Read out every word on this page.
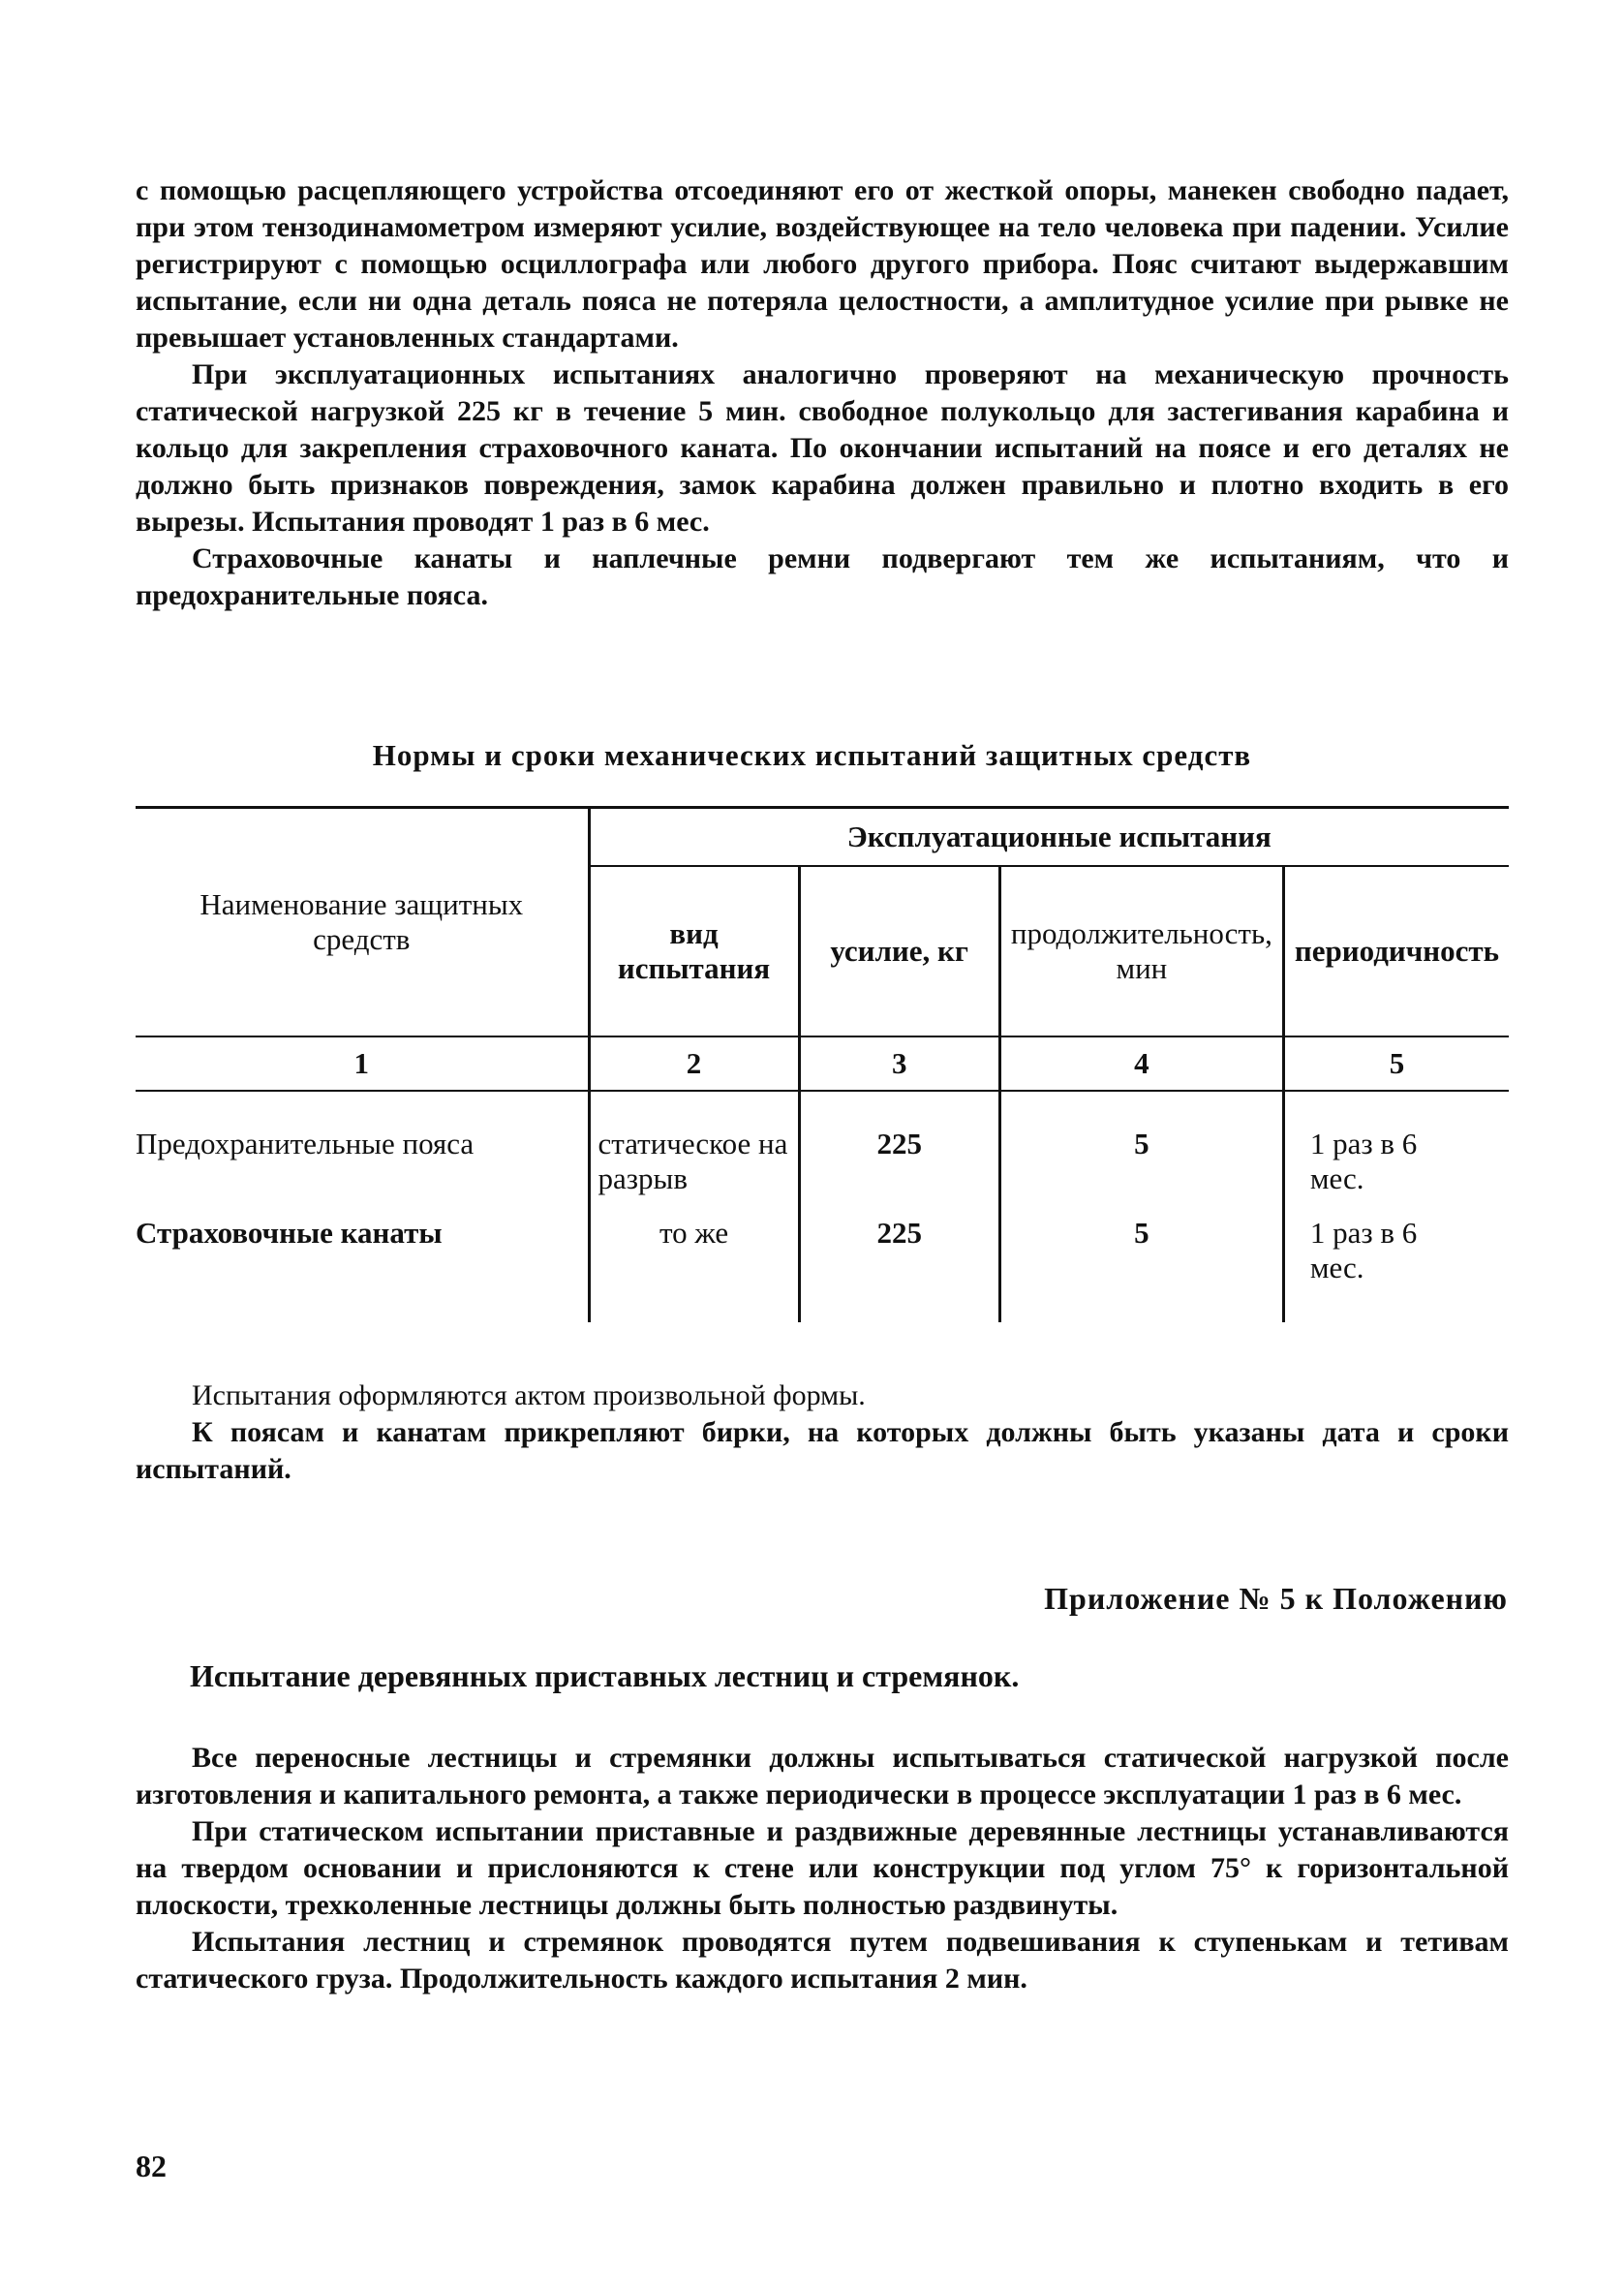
с помощью расцепляющего устройства отсоединяют его от жесткой опоры, манекен свободно падает, при этом тензодинамометром измеряют усилие, воздействующее на тело человека при падении. Усилие регистрируют с помощью осциллографа или любого другого прибора. Пояс считают выдержавшим испытание, если ни одна деталь пояса не потеряла целостности, а амплитудное усилие при рывке не превышает установленных стандартами.

При эксплуатационных испытаниях аналогично проверяют на механическую прочность статической нагрузкой 225 кг в течение 5 мин. свободное полукольцо для застегивания карабина и кольцо для закрепления страховочного каната. По окончании испытаний на поясе и его деталях не должно быть признаков повреждения, замок карабина должен правильно и плотно входить в его вырезы. Испытания проводят 1 раз в 6 мес.

Страховочные канаты и наплечные ремни подвергают тем же испытаниям, что и предохранительные пояса.

Нормы и сроки механических испытаний защитных средств
Наименование защитных средств	Эксплуатационные испытания			
	вид испытания	усилие, кг	продолжительность, мин	периодичность
1	2	3	4	5
Предохранительные пояса	статическое на разрыв	225	5	1 раз в 6 мес.
Страховочные канаты	то же	225	5	1 раз в 6 мес.

Испытания оформляются актом произвольной формы.

К поясам и канатам прикрепляют бирки, на которых должны быть указаны дата и сроки испытаний.

Приложение № 5 к Положению
Испытание деревянных приставных лестниц и стремянок.

Все переносные лестницы и стремянки должны испытываться статической нагрузкой после изготовления и капитального ремонта, а также периодически в процессе эксплуатации 1 раз в 6 мес.

При статическом испытании приставные и раздвижные деревянные лестницы устанавливаются на твердом основании и прислоняются к стене или конструкции под углом 75° к горизонтальной плоскости, трехколенные лестницы должны быть полностью раздвинуты.

Испытания лестниц и стремянок проводятся путем подвешивания к ступенькам и тетивам статического груза. Продолжительность каждого испытания 2 мин.

82
